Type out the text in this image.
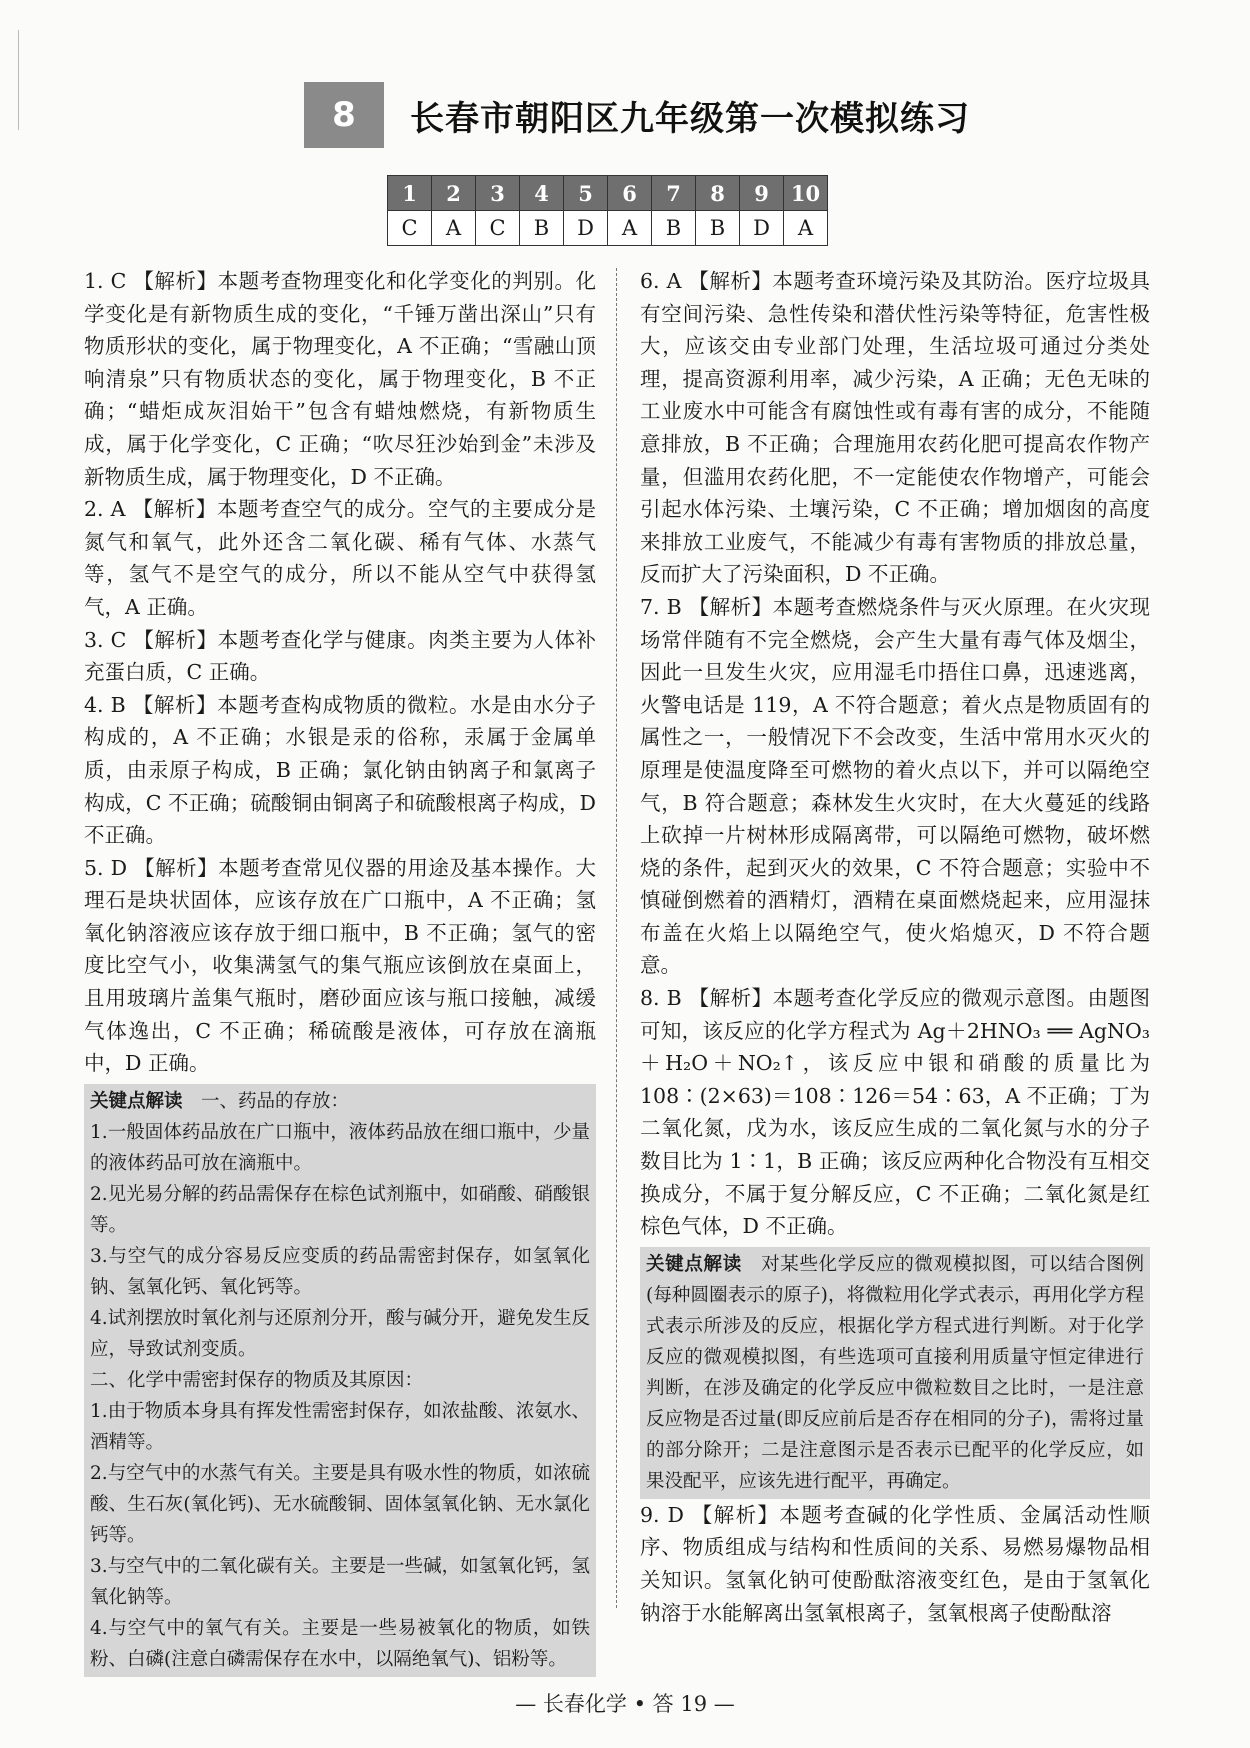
8	长春市朝阳区九年级第一次模拟练习
1	2	3	4	5	6	7	8	9	10
C	A	C	B	D	A	B	B	D	A

1. C 【解析】本题考查物理变化和化学变化的判别。化学变化是有新物质生成的变化，“千锤万凿出深山”只有物质形状的变化，属于物理变化，A 不正确；“雪融山顶响清泉”只有物质状态的变化，属于物理变化，B 不正确；“蜡炬成灰泪始干”包含有蜡烛燃烧，有新物质生成，属于化学变化，C 正确；“吹尽狂沙始到金”未涉及新物质生成，属于物理变化，D 不正确。

2. A 【解析】本题考查空气的成分。空气的主要成分是氮气和氧气，此外还含二氧化碳、稀有气体、水蒸气等，氢气不是空气的成分，所以不能从空气中获得氢气，A 正确。

3. C 【解析】本题考查化学与健康。肉类主要为人体补充蛋白质，C 正确。

4. B 【解析】本题考查构成物质的微粒。水是由水分子构成的，A 不正确；水银是汞的俗称，汞属于金属单质，由汞原子构成，B 正确；氯化钠由钠离子和氯离子构成，C 不正确；硫酸铜由铜离子和硫酸根离子构成，D 不正确。

5. D 【解析】本题考查常见仪器的用途及基本操作。大理石是块状固体，应该存放在广口瓶中，A 不正确；氢氧化钠溶液应该存放于细口瓶中，B 不正确；氢气的密度比空气小，收集满氢气的集气瓶应该倒放在桌面上，且用玻璃片盖集气瓶时，磨砂面应该与瓶口接触，减缓气体逸出，C 不正确；稀硫酸是液体，可存放在滴瓶中，D 正确。

关键点解读　 一、药品的存放：

1.一般固体药品放在广口瓶中，液体药品放在细口瓶中，少量的液体药品可放在滴瓶中。

2.见光易分解的药品需保存在棕色试剂瓶中，如硝酸、硝酸银等。

3.与空气的成分容易反应变质的药品需密封保存，如氢氧化钠、氢氧化钙、氧化钙等。

4.试剂摆放时氧化剂与还原剂分开，酸与碱分开，避免发生反应，导致试剂变质。

二、化学中需密封保存的物质及其原因：

1.由于物质本身具有挥发性需密封保存，如浓盐酸、浓氨水、酒精等。

2.与空气中的水蒸气有关。主要是具有吸水性的物质，如浓硫酸、生石灰(氧化钙)、无水硫酸铜、固体氢氧化钠、无水氯化钙等。

3.与空气中的二氧化碳有关。主要是一些碱，如氢氧化钙，氢氧化钠等。

4.与空气中的氧气有关。主要是一些易被氧化的物质，如铁粉、白磷(注意白磷需保存在水中，以隔绝氧气)、铝粉等。

6. A 【解析】本题考查环境污染及其防治。医疗垃圾具有空间污染、急性传染和潜伏性污染等特征，危害性极大，应该交由专业部门处理，生活垃圾可通过分类处理，提高资源利用率，减少污染，A 正确；无色无味的工业废水中可能含有腐蚀性或有毒有害的成分，不能随意排放，B 不正确；合理施用农药化肥可提高农作物产量，但滥用农药化肥，不一定能使农作物增产，可能会引起水体污染、土壤污染，C 不正确；增加烟囱的高度来排放工业废气，不能减少有毒有害物质的排放总量，反而扩大了污染面积，D 不正确。

7. B 【解析】本题考查燃烧条件与灭火原理。在火灾现场常伴随有不完全燃烧，会产生大量有毒气体及烟尘，因此一旦发生火灾，应用湿毛巾捂住口鼻，迅速逃离，火警电话是 119，A 不符合题意；着火点是物质固有的属性之一，一般情况下不会改变，生活中常用水灭火的原理是使温度降至可燃物的着火点以下，并可以隔绝空气，B 符合题意；森林发生火灾时，在大火蔓延的线路上砍掉一片树林形成隔离带，可以隔绝可燃物，破坏燃烧的条件，起到灭火的效果，C 不符合题意；实验中不慎碰倒燃着的酒精灯，酒精在桌面燃烧起来，应用湿抹布盖在火焰上以隔绝空气，使火焰熄灭，D 不符合题意。

8. B 【解析】本题考查化学反应的微观示意图。由题图可知，该反应的化学方程式为 Ag＋2HNO₃ ══ AgNO₃＋H₂O＋NO₂↑，该反应中银和硝酸的质量比为 108∶(2×63)＝108∶126＝54∶63，A 不正确；丁为二氧化氮，戊为水，该反应生成的二氧化氮与水的分子数目比为 1∶1，B 正确；该反应两种化合物没有互相交换成分，不属于复分解反应，C 不正确；二氧化氮是红棕色气体，D 不正确。

关键点解读　 对某些化学反应的微观模拟图，可以结合图例(每种圆圈表示的原子)，将微粒用化学式表示，再用化学方程式表示所涉及的反应，根据化学方程式进行判断。对于化学反应的微观模拟图，有些选项可直接利用质量守恒定律进行判断，在涉及确定的化学反应中微粒数目之比时，一是注意反应物是否过量(即反应前后是否存在相同的分子)，需将过量的部分除开；二是注意图示是否表示已配平的化学反应，如果没配平，应该先进行配平，再确定。

9. D 【解析】本题考查碱的化学性质、金属活动性顺序、物质组成与结构和性质间的关系、易燃易爆物品相关知识。氢氧化钠可使酚酞溶液变红色，是由于氢氧化钠溶于水能解离出氢氧根离子，氢氧根离子使酚酞溶

— 长春化学 • 答 19 —
